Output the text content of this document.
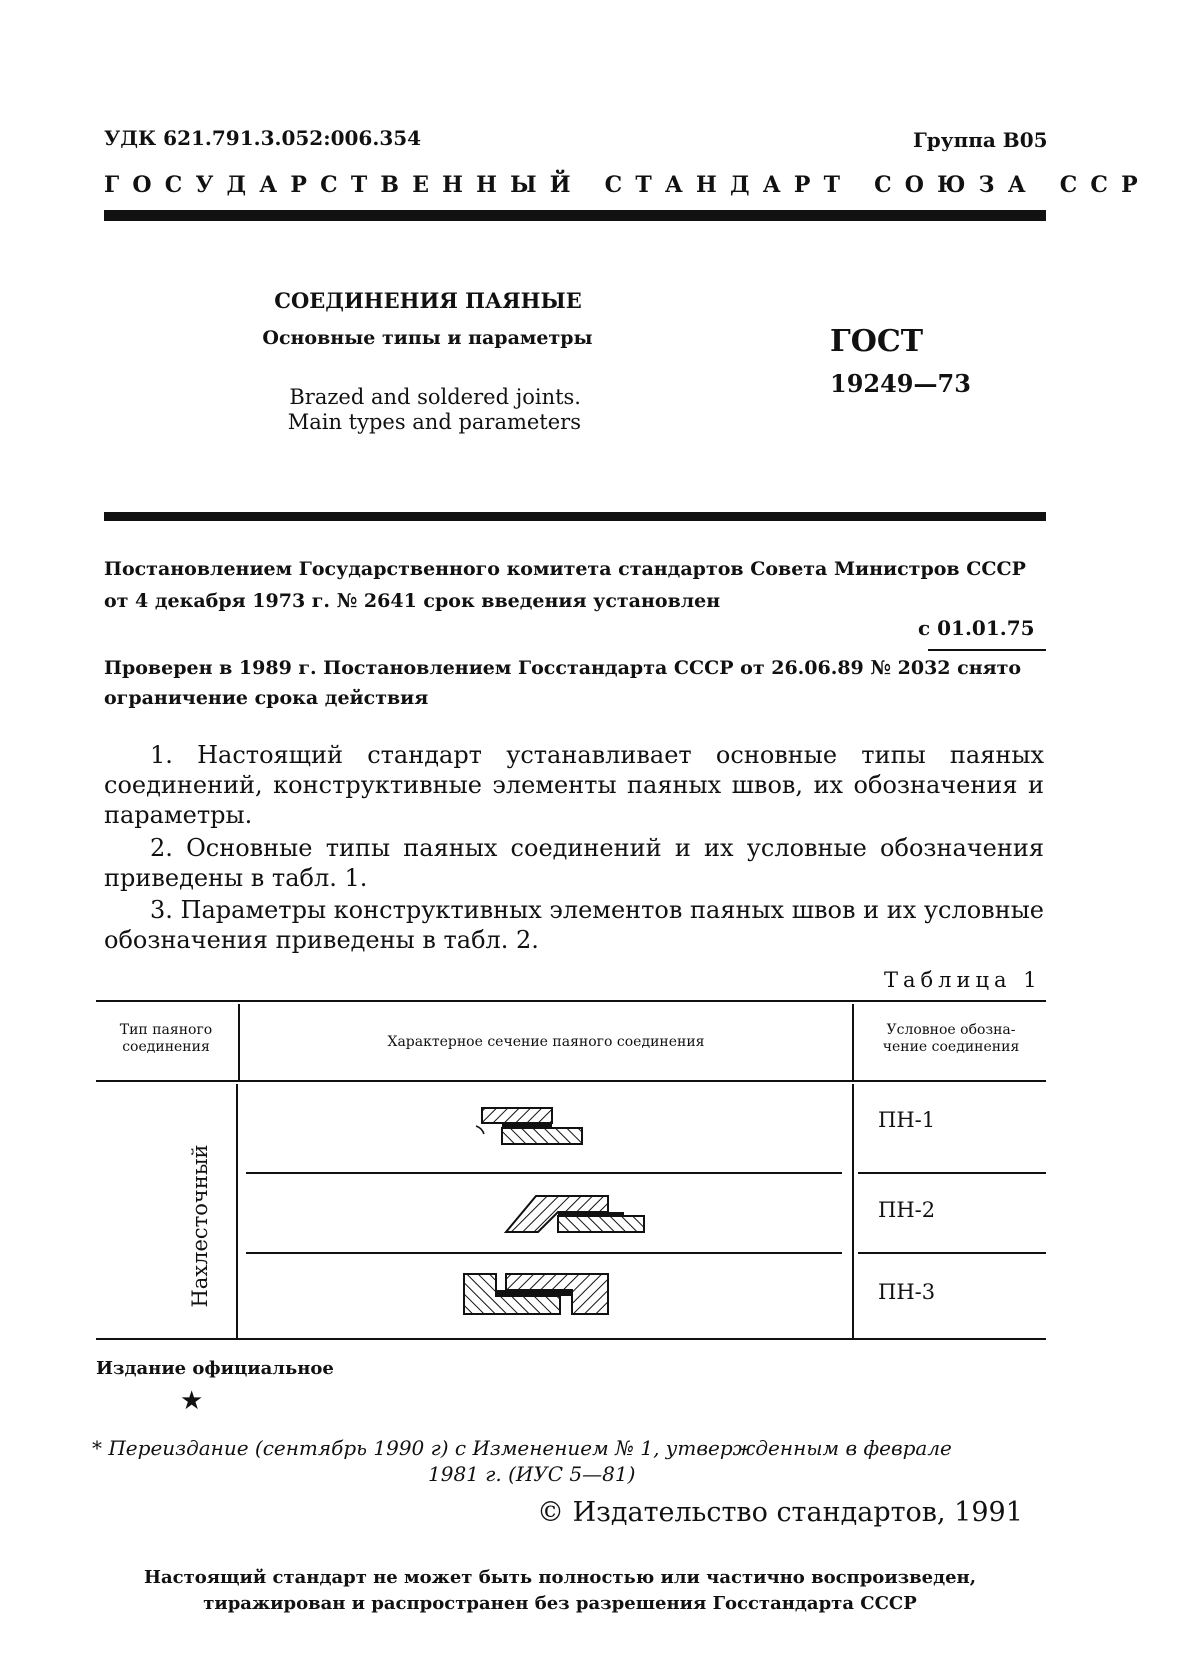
УДК 621.791.3.052:006.354	Группа В05
ГОСУДАРСТВЕННЫЙ СТАНДАРТ СОЮЗА ССР
СОЕДИНЕНИЯ ПАЯНЫЕ
Основные типы и параметры
Brazed and soldered joints.
Main types and parameters
ГОСТ
19249—73
Постановлением Государственного комитета стандартов Совета Министров СССР от 4 декабря 1973 г. № 2641 срок введения установлен
с 01.01.75
Проверен в 1989 г. Постановлением Госстандарта СССР от 26.06.89 № 2032 снято ограничение срока действия
1. Настоящий стандарт устанавливает основные типы паяных соединений, конструктивные элементы паяных швов, их обозначения и параметры.
2. Основные типы паяных соединений и их условные обозначения приведены в табл. 1.
3. Параметры конструктивных элементов паяных швов и их условные обозначения приведены в табл. 2.
Таблица 1
Тип паяного
соединения	Характерное сечение паяного соединения
Условное обозна-
чение соединения
Нахлесточный
ПН-1
ПН-2
ПН-3
Издание официальное
★
* Переиздание (сентябрь 1990 г) с Изменением № 1, утвержденным в феврале
1981 г. (ИУС 5—81)
© Издательство стандартов, 1991
Настоящий стандарт не может быть полностью или частично воспроизведен,
тиражирован и распространен без разрешения Госстандарта СССР
